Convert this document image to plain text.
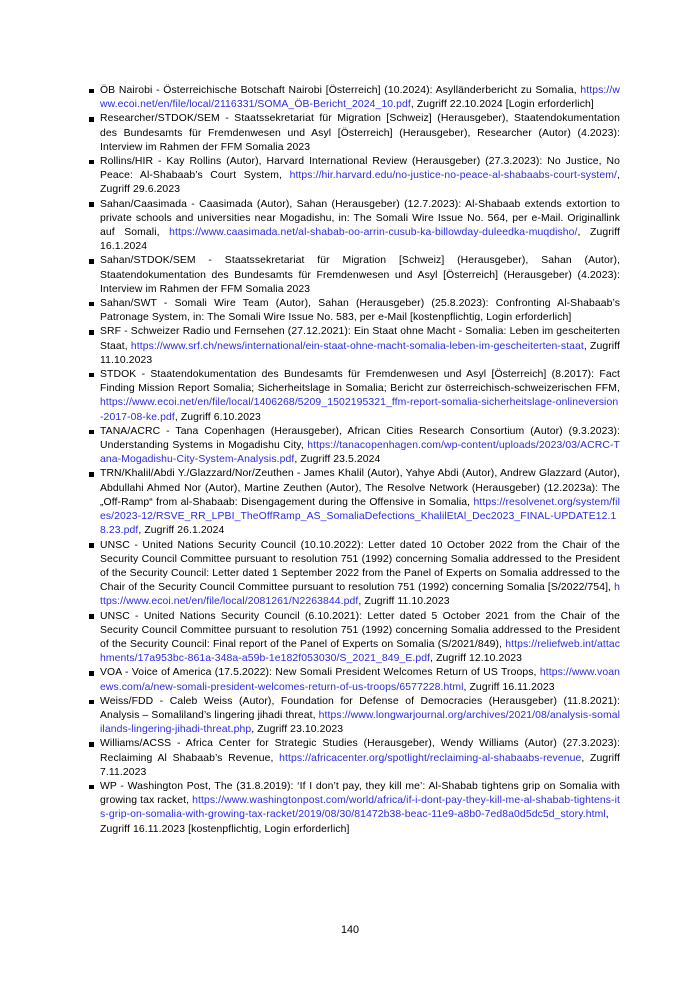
ÖB Nairobi - Österreichische Botschaft Nairobi [Österreich] (10.2024): Asylländerbericht zu Somalia, https://www.ecoi.net/en/file/local/2116331/SOMA_ÖB-Bericht_2024_10.pdf, Zugriff 22.10.2024 [Login erforderlich]
Researcher/STDOK/SEM - Staatssekretariat für Migration [Schweiz] (Herausgeber), Staatendokumentation des Bundesamts für Fremdenwesen und Asyl [Österreich] (Herausgeber), Researcher (Autor) (4.2023): Interview im Rahmen der FFM Somalia 2023
Rollins/HIR - Kay Rollins (Autor), Harvard International Review (Herausgeber) (27.3.2023): No Justice, No Peace: Al-Shabaab’s Court System, https://hir.harvard.edu/no-justice-no-peace-al-shabaabs-court-system/, Zugriff 29.6.2023
Sahan/Caasimada - Caasimada (Autor), Sahan (Herausgeber) (12.7.2023): Al-Shabaab extends extortion to private schools and universities near Mogadishu, in: The Somali Wire Issue No. 564, per e-Mail. Originallink auf Somali, https://www.caasimada.net/al-shabab-oo-arrin-cusub-ka-billowday-duleedka-muqdisho/, Zugriff 16.1.2024
Sahan/STDOK/SEM - Staatssekretariat für Migration [Schweiz] (Herausgeber), Sahan (Autor), Staatendokumentation des Bundesamts für Fremdenwesen und Asyl [Österreich] (Herausgeber) (4.2023): Interview im Rahmen der FFM Somalia 2023
Sahan/SWT - Somali Wire Team (Autor), Sahan (Herausgeber) (25.8.2023): Confronting Al-Shabaab’s Patronage System, in: The Somali Wire Issue No. 583, per e-Mail [kostenpflichtig, Login erforderlich]
SRF - Schweizer Radio und Fernsehen (27.12.2021): Ein Staat ohne Macht - Somalia: Leben im gescheiterten Staat, https://www.srf.ch/news/international/ein-staat-ohne-macht-somalia-leben-im-gescheiterten-staat, Zugriff 11.10.2023
STDOK - Staatendokumentation des Bundesamts für Fremdenwesen und Asyl [Österreich] (8.2017): Fact Finding Mission Report Somalia; Sicherheitslage in Somalia; Bericht zur österreichisch-schweizerischen FFM, https://www.ecoi.net/en/file/local/1406268/5209_1502195321_ffm-report-somalia-sicherheitslage-onlineversion-2017-08-ke.pdf, Zugriff 6.10.2023
TANA/ACRC - Tana Copenhagen (Herausgeber), African Cities Research Consortium (Autor) (9.3.2023): Understanding Systems in Mogadishu City, https://tanacopenhagen.com/wp-content/uploads/2023/03/ACRC-Tana-Mogadishu-City-System-Analysis.pdf, Zugriff 23.5.2024
TRN/Khalil/Abdi Y./Glazzard/Nor/Zeuthen - James Khalil (Autor), Yahye Abdi (Autor), Andrew Glazzard (Autor), Abdullahi Ahmed Nor (Autor), Martine Zeuthen (Autor), The Resolve Network (Herausgeber) (12.2023a): The „Off-Ramp“ from al-Shabaab: Disengagement during the Offensive in Somalia, https://resolvenet.org/system/files/2023-12/RSVE_RR_LPBI_TheOffRamp_AS_SomaliaDefections_KhalilEtAl_Dec2023_FINAL-UPDATE12.18.23.pdf, Zugriff 26.1.2024
UNSC - United Nations Security Council (10.10.2022): Letter dated 10 October 2022 from the Chair of the Security Council Committee pursuant to resolution 751 (1992) concerning Somalia addressed to the President of the Security Council: Letter dated 1 September 2022 from the Panel of Experts on Somalia addressed to the Chair of the Security Council Committee pursuant to resolution 751 (1992) concerning Somalia [S/2022/754], https://www.ecoi.net/en/file/local/2081261/N2263844.pdf, Zugriff 11.10.2023
UNSC - United Nations Security Council (6.10.2021): Letter dated 5 October 2021 from the Chair of the Security Council Committee pursuant to resolution 751 (1992) concerning Somalia addressed to the President of the Security Council: Final report of the Panel of Experts on Somalia (S/2021/849), https://reliefweb.int/attachments/17a953bc-861a-348a-a59b-1e182f053030/S_2021_849_E.pdf, Zugriff 12.10.2023
VOA - Voice of America (17.5.2022): New Somali President Welcomes Return of US Troops, https://www.voanews.com/a/new-somali-president-welcomes-return-of-us-troops/6577228.html, Zugriff 16.11.2023
Weiss/FDD - Caleb Weiss (Autor), Foundation for Defense of Democracies (Herausgeber) (11.8.2021): Analysis – Somaliland’s lingering jihadi threat, https://www.longwarjournal.org/archives/2021/08/analysis-somalilands-lingering-jihadi-threat.php, Zugriff 23.10.2023
Williams/ACSS - Africa Center for Strategic Studies (Herausgeber), Wendy Williams (Autor) (27.3.2023): Reclaiming Al Shabaab’s Revenue, https://africacenter.org/spotlight/reclaiming-al-shabaabs-revenue, Zugriff 7.11.2023
WP - Washington Post, The (31.8.2019): ‘If I don’t pay, they kill me’: Al-Shabab tightens grip on Somalia with growing tax racket, https://www.washingtonpost.com/world/africa/if-i-dont-pay-they-kill-me-al-shabab-tightens-its-grip-on-somalia-with-growing-tax-racket/2019/08/30/81472b38-beac-11e9-a8b0-7ed8a0d5dc5d_story.html, Zugriff 16.11.2023 [kostenpflichtig, Login erforderlich]
140
